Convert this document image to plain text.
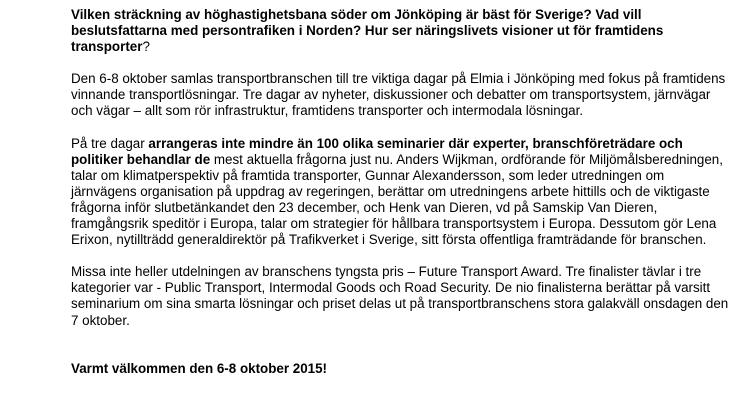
Vilken sträckning av höghastighetsbana söder om Jönköping är bäst för Sverige? Vad vill beslutsfattarna med persontrafiken i Norden? Hur ser näringslivets visioner ut för framtidens transporter?

Den 6-8 oktober samlas transportbranschen till tre viktiga dagar på Elmia i Jönköping med fokus på framtidens vinnande transportlösningar. Tre dagar av nyheter, diskussioner och debatter om transportsystem, järnvägar och vägar – allt som rör infrastruktur, framtidens transporter och intermodala lösningar.

På tre dagar arrangeras inte mindre än 100 olika seminarier där experter, branschföreträdare och politiker behandlar de mest aktuella frågorna just nu. Anders Wijkman, ordförande för Miljömålsberedningen, talar om klimatperspektiv på framtida transporter, Gunnar Alexandersson, som leder utredningen om järnvägens organisation på uppdrag av regeringen, berättar om utredningens arbete hittills och de viktigaste frågorna inför slutbetänkandet den 23 december, och Henk van Dieren, vd på Samskip Van Dieren, framgångsrik speditör i Europa, talar om strategier för hållbara transportsystem i Europa. Dessutom gör Lena Erixon, nytillträdd generaldirektör på Trafikverket i Sverige, sitt första offentliga framträdande för branschen.

Missa inte heller utdelningen av branschens tyngsta pris – Future Transport Award. Tre finalister tävlar i tre kategorier var - Public Transport, Intermodal Goods och Road Security. De nio finalisterna berättar på varsitt seminarium om sina smarta lösningar och priset delas ut på transportbranschens stora galakväll onsdagen den 7 oktober.

Varmt välkommen den 6-8 oktober 2015!
